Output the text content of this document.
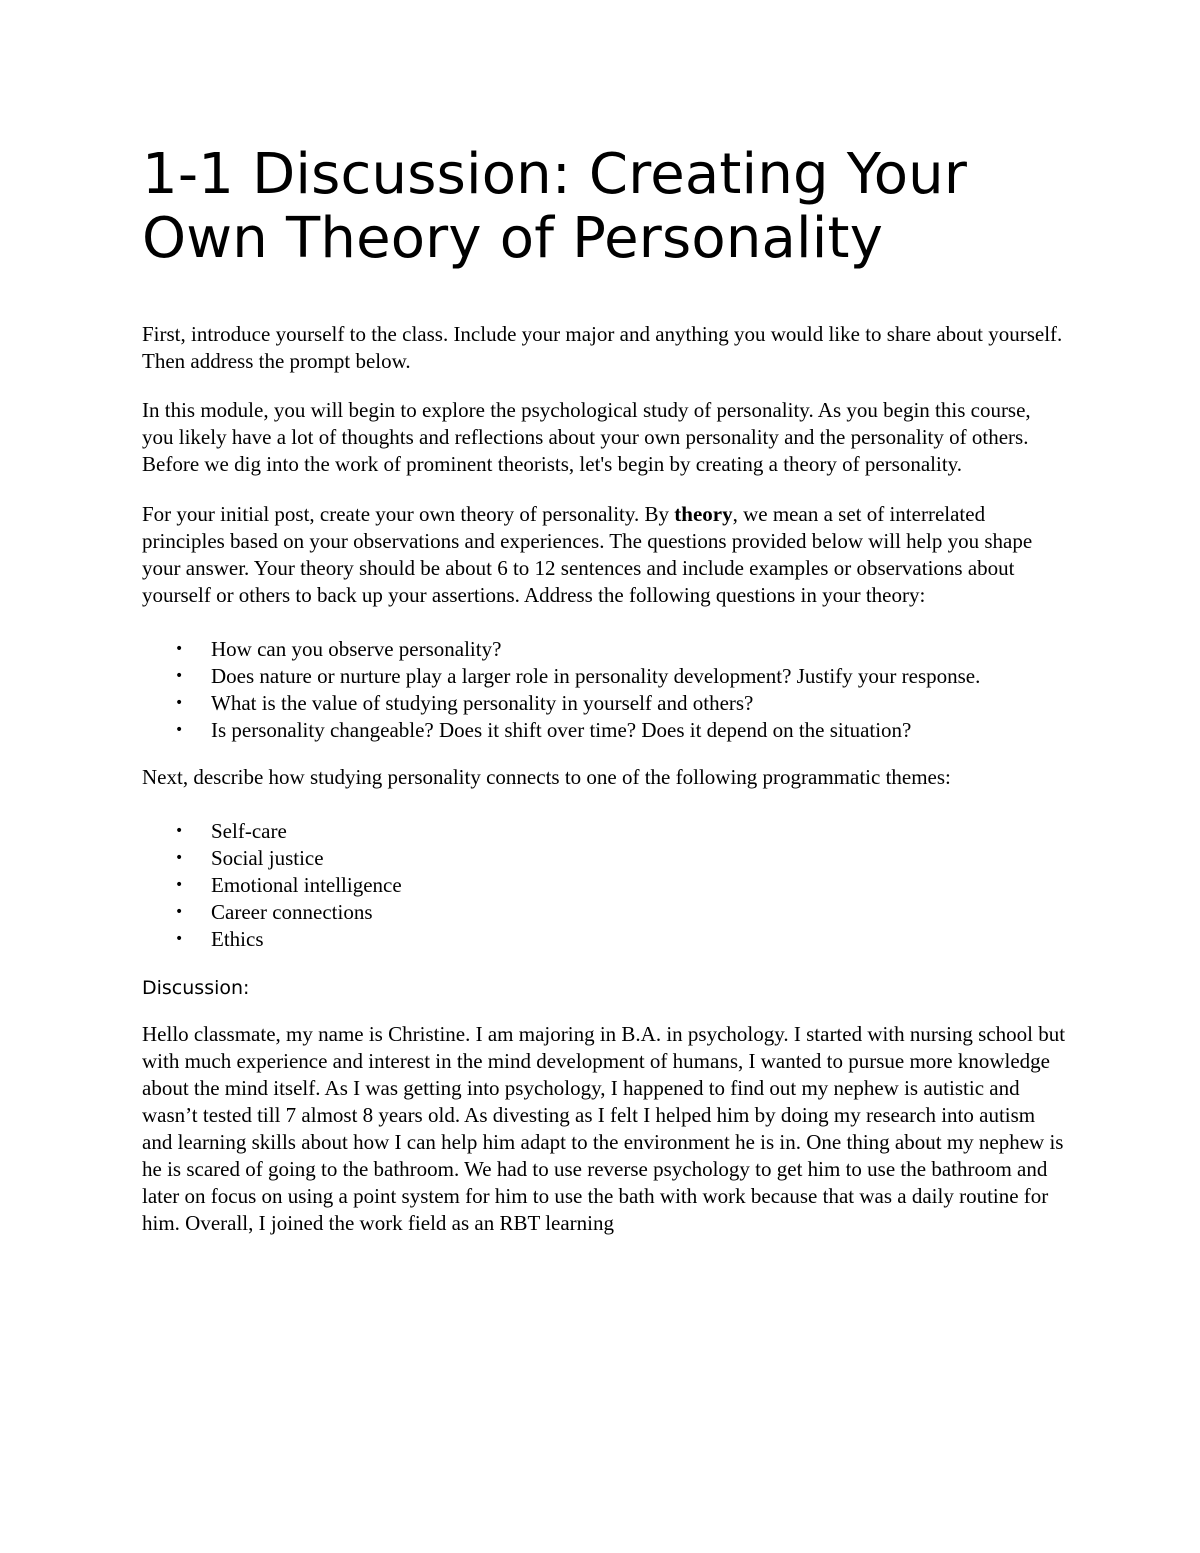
1-1 Discussion: Creating Your Own Theory of Personality

First, introduce yourself to the class. Include your major and anything you would like to share about yourself. Then address the prompt below.

In this module, you will begin to explore the psychological study of personality. As you begin this course, you likely have a lot of thoughts and reflections about your own personality and the personality of others. Before we dig into the work of prominent theorists, let's begin by creating a theory of personality.

For your initial post, create your own theory of personality. By theory, we mean a set of interrelated principles based on your observations and experiences. The questions provided below will help you shape your answer. Your theory should be about 6 to 12 sentences and include examples or observations about yourself or others to back up your assertions. Address the following questions in your theory:

• How can you observe personality?
• Does nature or nurture play a larger role in personality development? Justify your response.
• What is the value of studying personality in yourself and others?
• Is personality changeable? Does it shift over time? Does it depend on the situation?

Next, describe how studying personality connects to one of the following programmatic themes:

• Self-care
• Social justice
• Emotional intelligence
• Career connections
• Ethics

Discussion:

Hello classmate, my name is Christine. I am majoring in B.A. in psychology. I started with nursing school but with much experience and interest in the mind development of humans, I wanted to pursue more knowledge about the mind itself. As I was getting into psychology, I happened to find out my nephew is autistic and wasn’t tested till 7 almost 8 years old. As divesting as I felt I helped him by doing my research into autism and learning skills about how I can help him adapt to the environment he is in. One thing about my nephew is he is scared of going to the bathroom. We had to use reverse psychology to get him to use the bathroom and later on focus on using a point system for him to use the bath with work because that was a daily routine for him. Overall, I joined the work field as an RBT learning
